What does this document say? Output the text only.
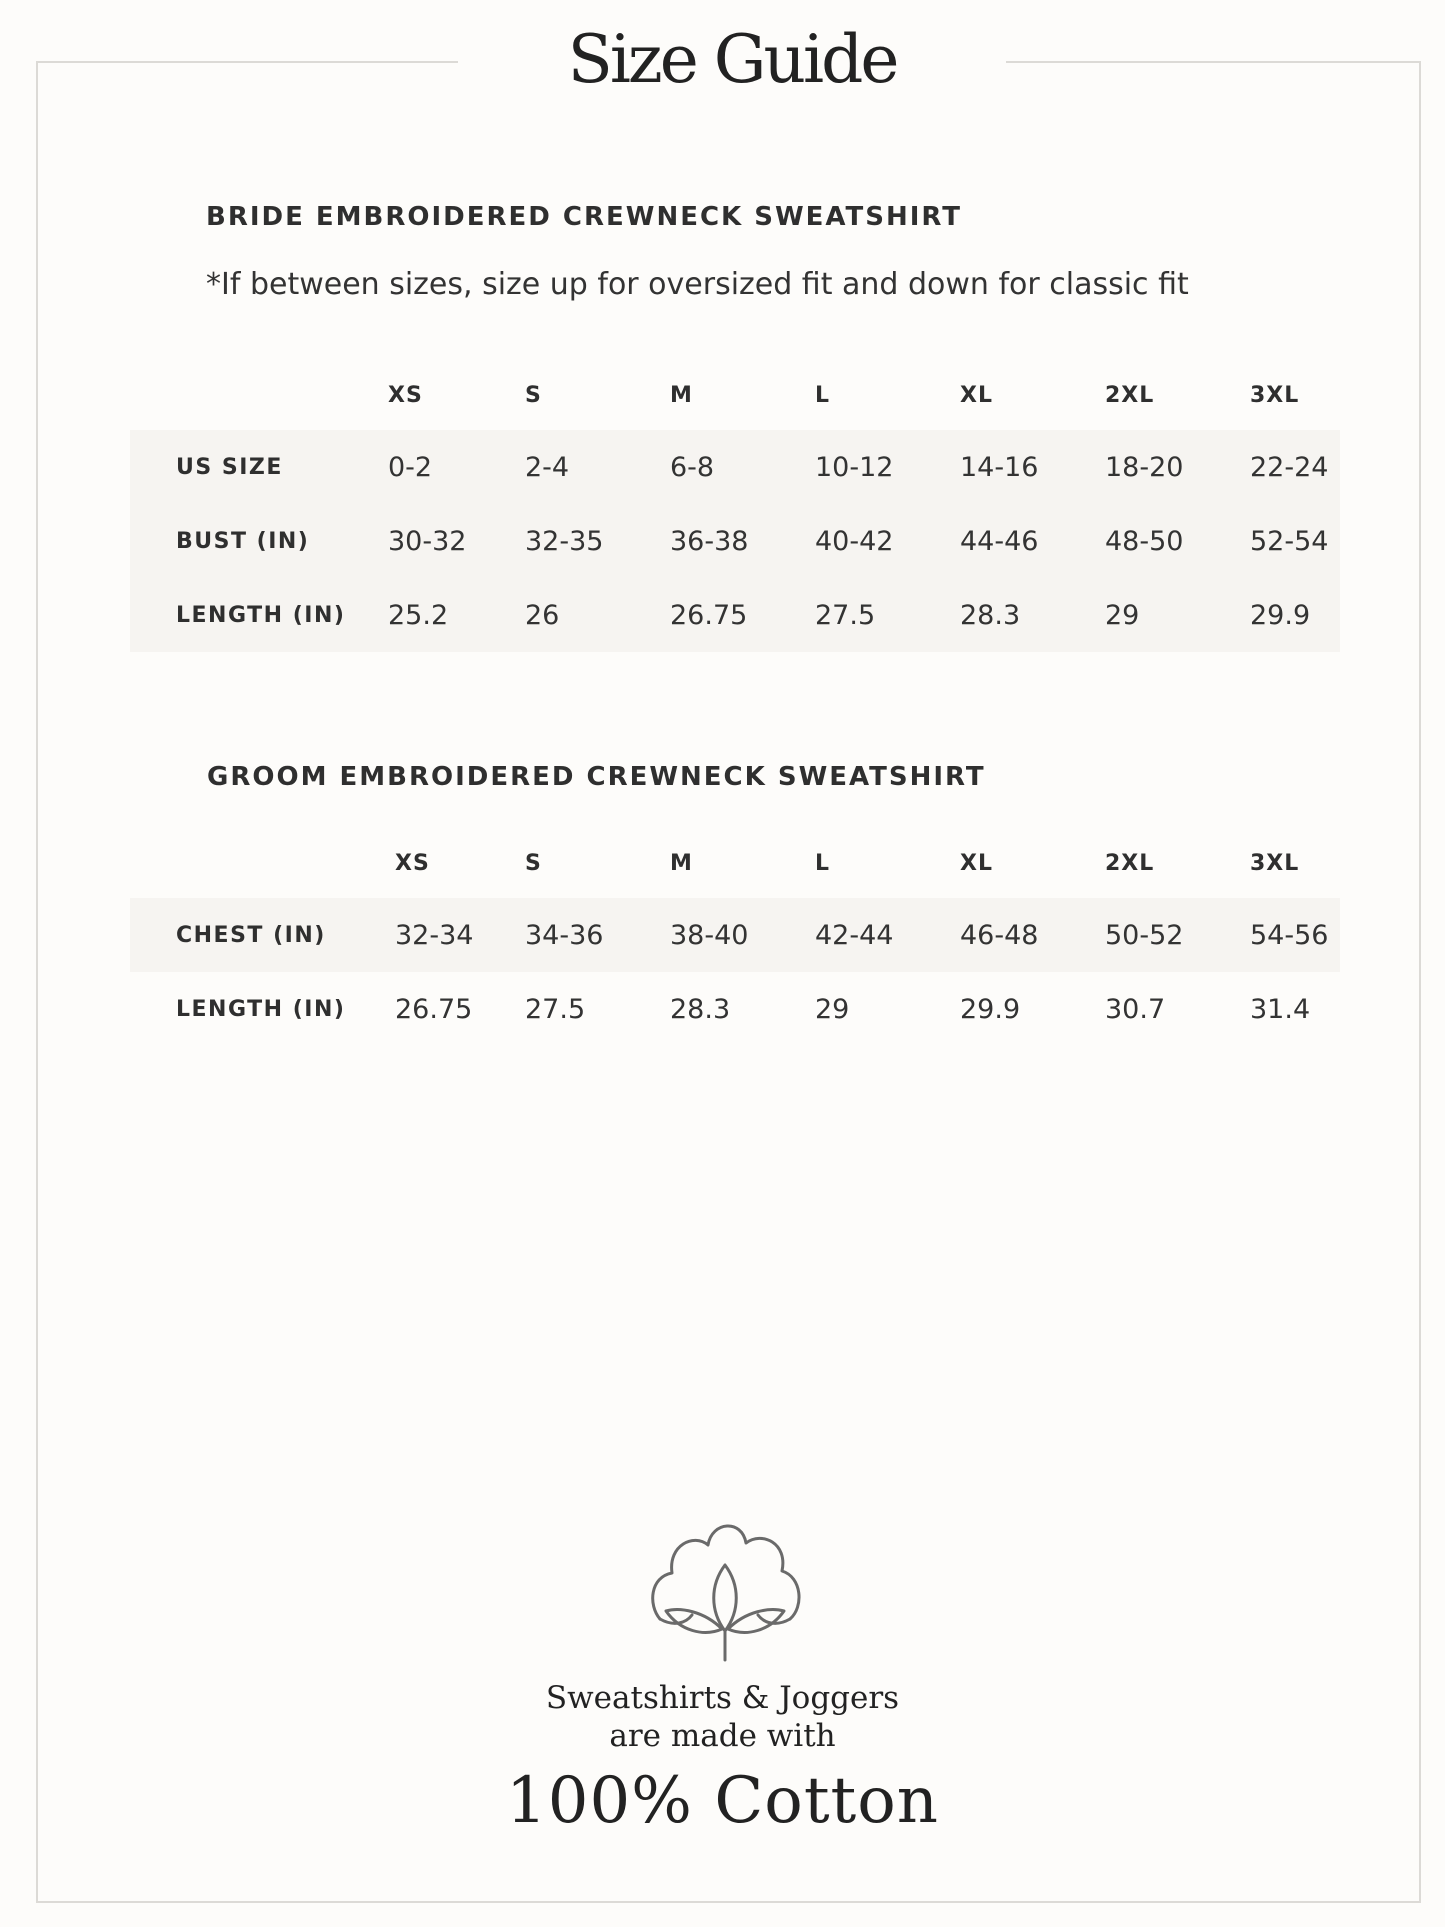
Size Guide
BRIDE EMBROIDERED CREWNECK SWEATSHIRT
*If between sizes, size up for oversized fit and down for classic fit
	XS	S	M	L	XL	2XL	3XL
US SIZE	0-2	2-4	6-8	10-12	14-16	18-20	22-24
BUST (IN)	30-32	32-35	36-38	40-42	44-46	48-50	52-54
LENGTH (IN)	25.2	26	26.75	27.5	28.3	29	29.9
GROOM EMBROIDERED CREWNECK SWEATSHIRT
	XS	S	M	L	XL	2XL	3XL
CHEST (IN)	32-34	34-36	38-40	42-44	46-48	50-52	54-56
LENGTH (IN)	26.75	27.5	28.3	29	29.9	30.7	31.4
Sweatshirts & Joggers
are made with
100% Cotton
